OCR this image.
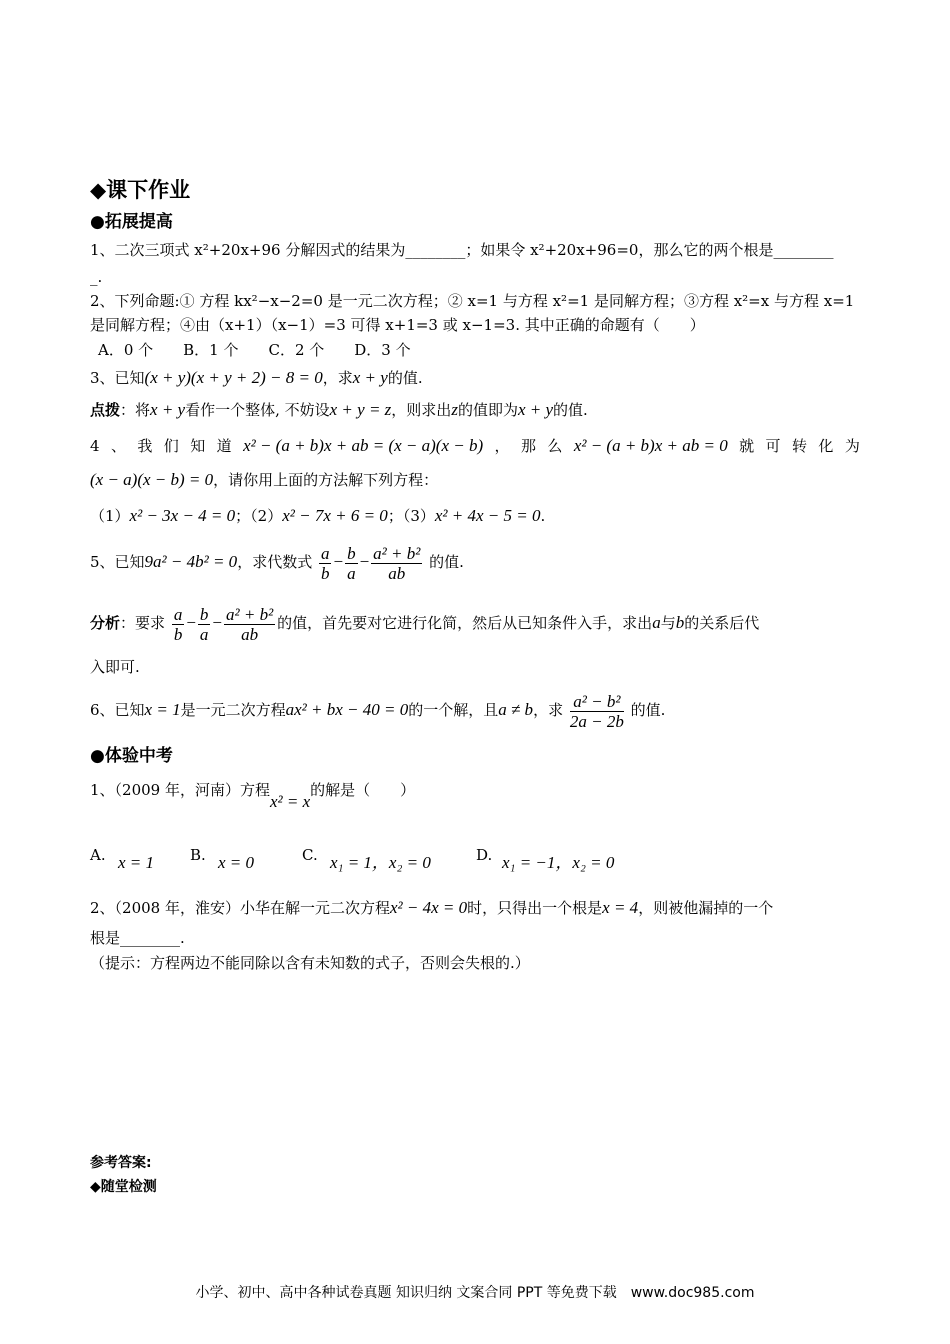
◆课下作业
●拓展提高
1、二次三项式 x²+20x+96 分解因式的结果为________；如果令 x²+20x+96=0，那么它的两个根是________
_.
2、下列命题:① 方程 kx²−x−2=0 是一元二次方程；② x=1 与方程 x²=1 是同解方程；③方程 x²=x 与方程 x=1
是同解方程；④由（x+1）（x−1）=3 可得 x+1=3 或 x−1=3. 其中正确的命题有（　　）
A．0 个　　B．1 个　　C．2 个　　D．3 个
3、已知(x + y)(x + y + 2) − 8 = 0，求x + y的值.
点拨：将x + y看作一个整体, 不妨设x + y = z，则求出z的值即为x + y的值.
4 、 我 们 知 道 x² − (a + b)x + ab = (x − a)(x − b) ， 那 么 x² − (a + b)x + ab = 0 就 可 转 化 为
(x − a)(x − b) = 0，请你用上面的方法解下列方程：
（1）x² − 3x − 4 = 0；（2）x² − 7x + 6 = 0；（3）x² + 4x − 5 = 0.
5、已知9a² − 4b² = 0，求代数式 $\frac{a}{b} - \frac{b}{a} - \frac{\text{a² + b²}}{ab}$ 的值.
分析：要求 $\frac{a}{b} - \frac{b}{a} - \frac{\text{a² + b²}}{ab}$ 的值，首先要对它进行化简，然后从已知条件入手，求出a与b的关系后代
入即可.
6、已知x = 1是一元二次方程ax² + bx − 40 = 0的一个解，且a ≠ b，求 $\frac{\text{a² − b²}}{2a - 2b}$ 的值.
●体验中考
1、（2009 年，河南）方程x² = x的解是（　　）
A. x = 1 B. x = 0	C. x₁ = 1，x₂ = 0	D. x₁ = −1，x₂ = 0
2、（2008 年，淮安）小华在解一元二次方程x² − 4x = 0时，只得出一个根是x = 4，则被他漏掉的一个
根是________.
（提示：方程两边不能同除以含有未知数的式子，否则会失根的.）
参考答案:
◆随堂检测
小学、初中、高中各种试卷真题 知识归纳 文案合同 PPT 等免费下载　www.doc985.com
